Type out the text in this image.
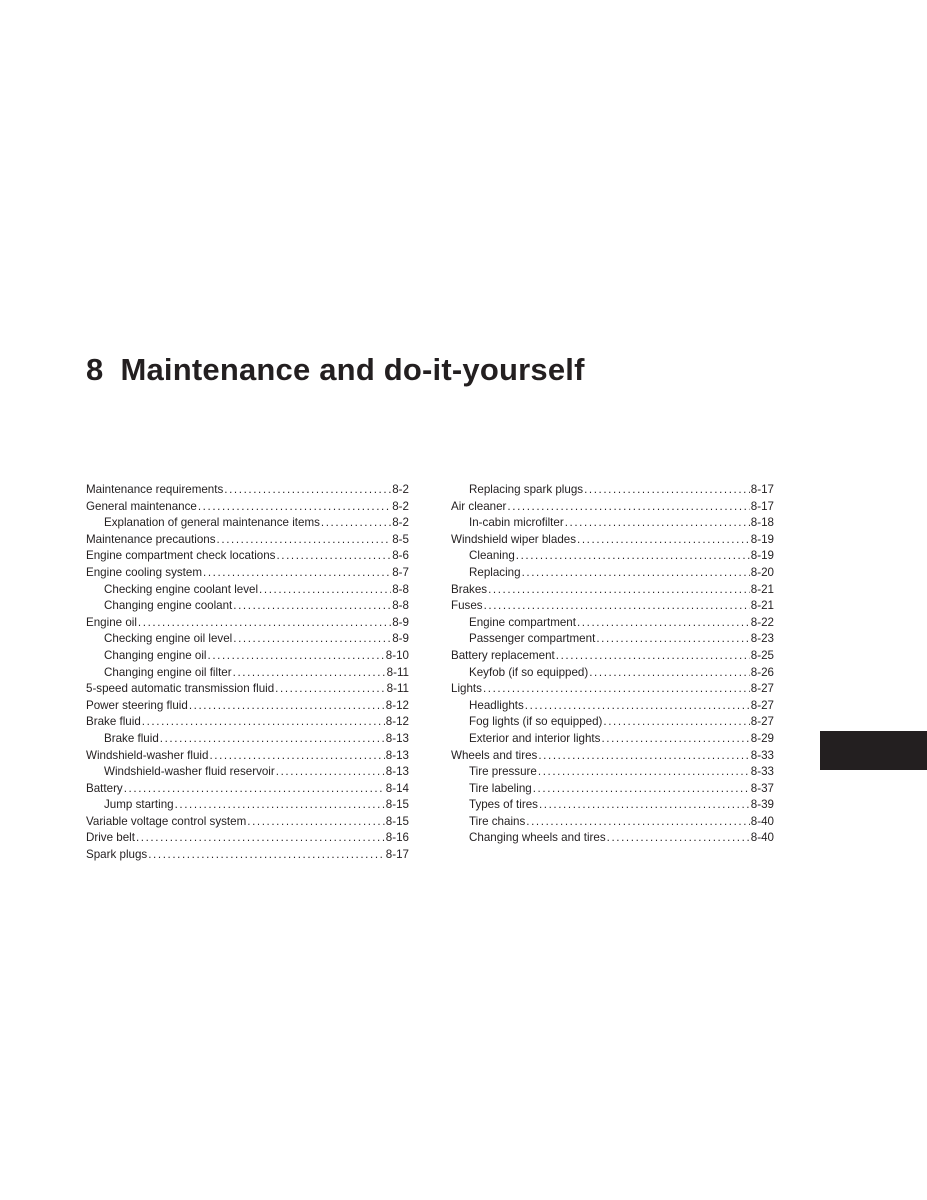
8 Maintenance and do-it-yourself
Maintenance requirements .....	8-2
General maintenance .....	8-2
Explanation of general maintenance items .....	8-2
Maintenance precautions .....	8-5
Engine compartment check locations .....	8-6
Engine cooling system .....	8-7
Checking engine coolant level .....	8-8
Changing engine coolant .....	8-8
Engine oil .....	8-9
Checking engine oil level .....	8-9
Changing engine oil .....	8-10
Changing engine oil filter .....	8-11
5-speed automatic transmission fluid .....	8-11
Power steering fluid .....	8-12
Brake fluid .....	8-12
Brake fluid .....	8-13
Windshield-washer fluid .....	8-13
Windshield-washer fluid reservoir .....	8-13
Battery .....	8-14
Jump starting .....	8-15
Variable voltage control system .....	8-15
Drive belt .....	8-16
Spark plugs .....	8-17
Replacing spark plugs .....	8-17
Air cleaner .....	8-17
In-cabin microfilter .....	8-18
Windshield wiper blades .....	8-19
Cleaning .....	8-19
Replacing .....	8-20
Brakes .....	8-21
Fuses .....	8-21
Engine compartment .....	8-22
Passenger compartment .....	8-23
Battery replacement .....	8-25
Keyfob (if so equipped) .....	8-26
Lights .....	8-27
Headlights .....	8-27
Fog lights (if so equipped) .....	8-27
Exterior and interior lights .....	8-29
Wheels and tires .....	8-33
Tire pressure .....	8-33
Tire labeling .....	8-37
Types of tires .....	8-39
Tire chains .....	8-40
Changing wheels and tires .....	8-40
